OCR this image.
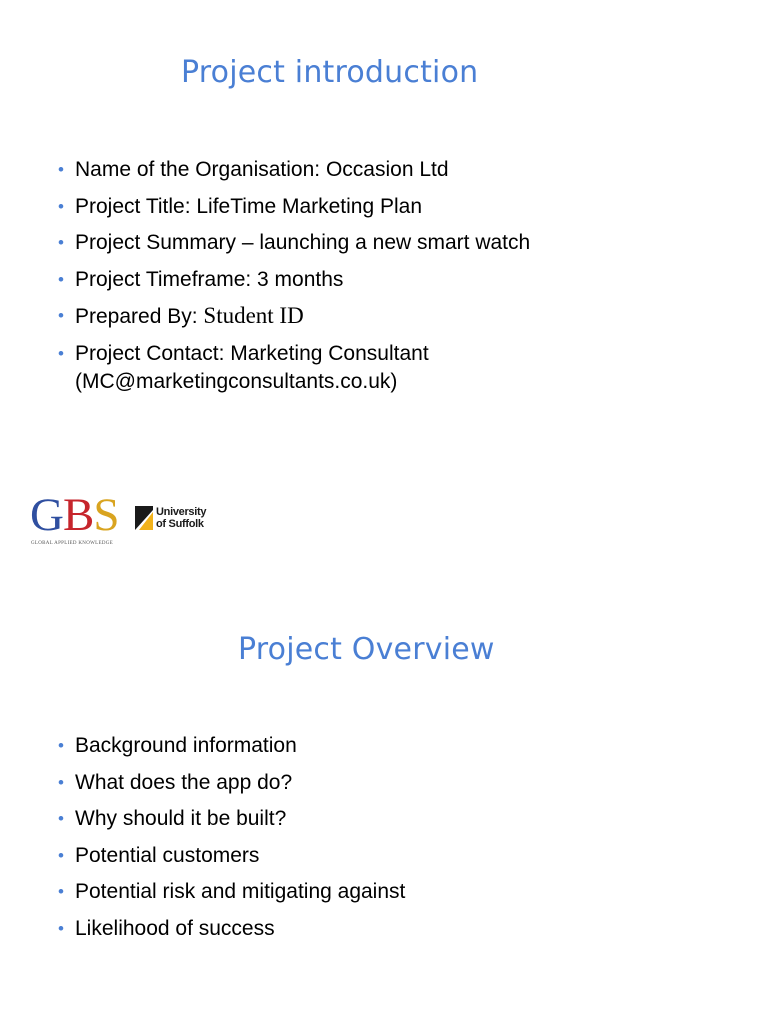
Project introduction
• Name of the Organisation: Occasion Ltd
• Project Title: LifeTime Marketing Plan
• Project Summary – launching a new smart watch
• Project Timeframe: 3 months
• Prepared By: Student ID
• Project Contact: Marketing Consultant
(MC@marketingconsultants.co.uk)
GBS
GLOBAL APPLIED KNOWLEDGE
University
of Suffolk
Project Overview
• Background information
• What does the app do?
• Why should it be built?
• Potential customers
• Potential risk and mitigating against
• Likelihood of success
